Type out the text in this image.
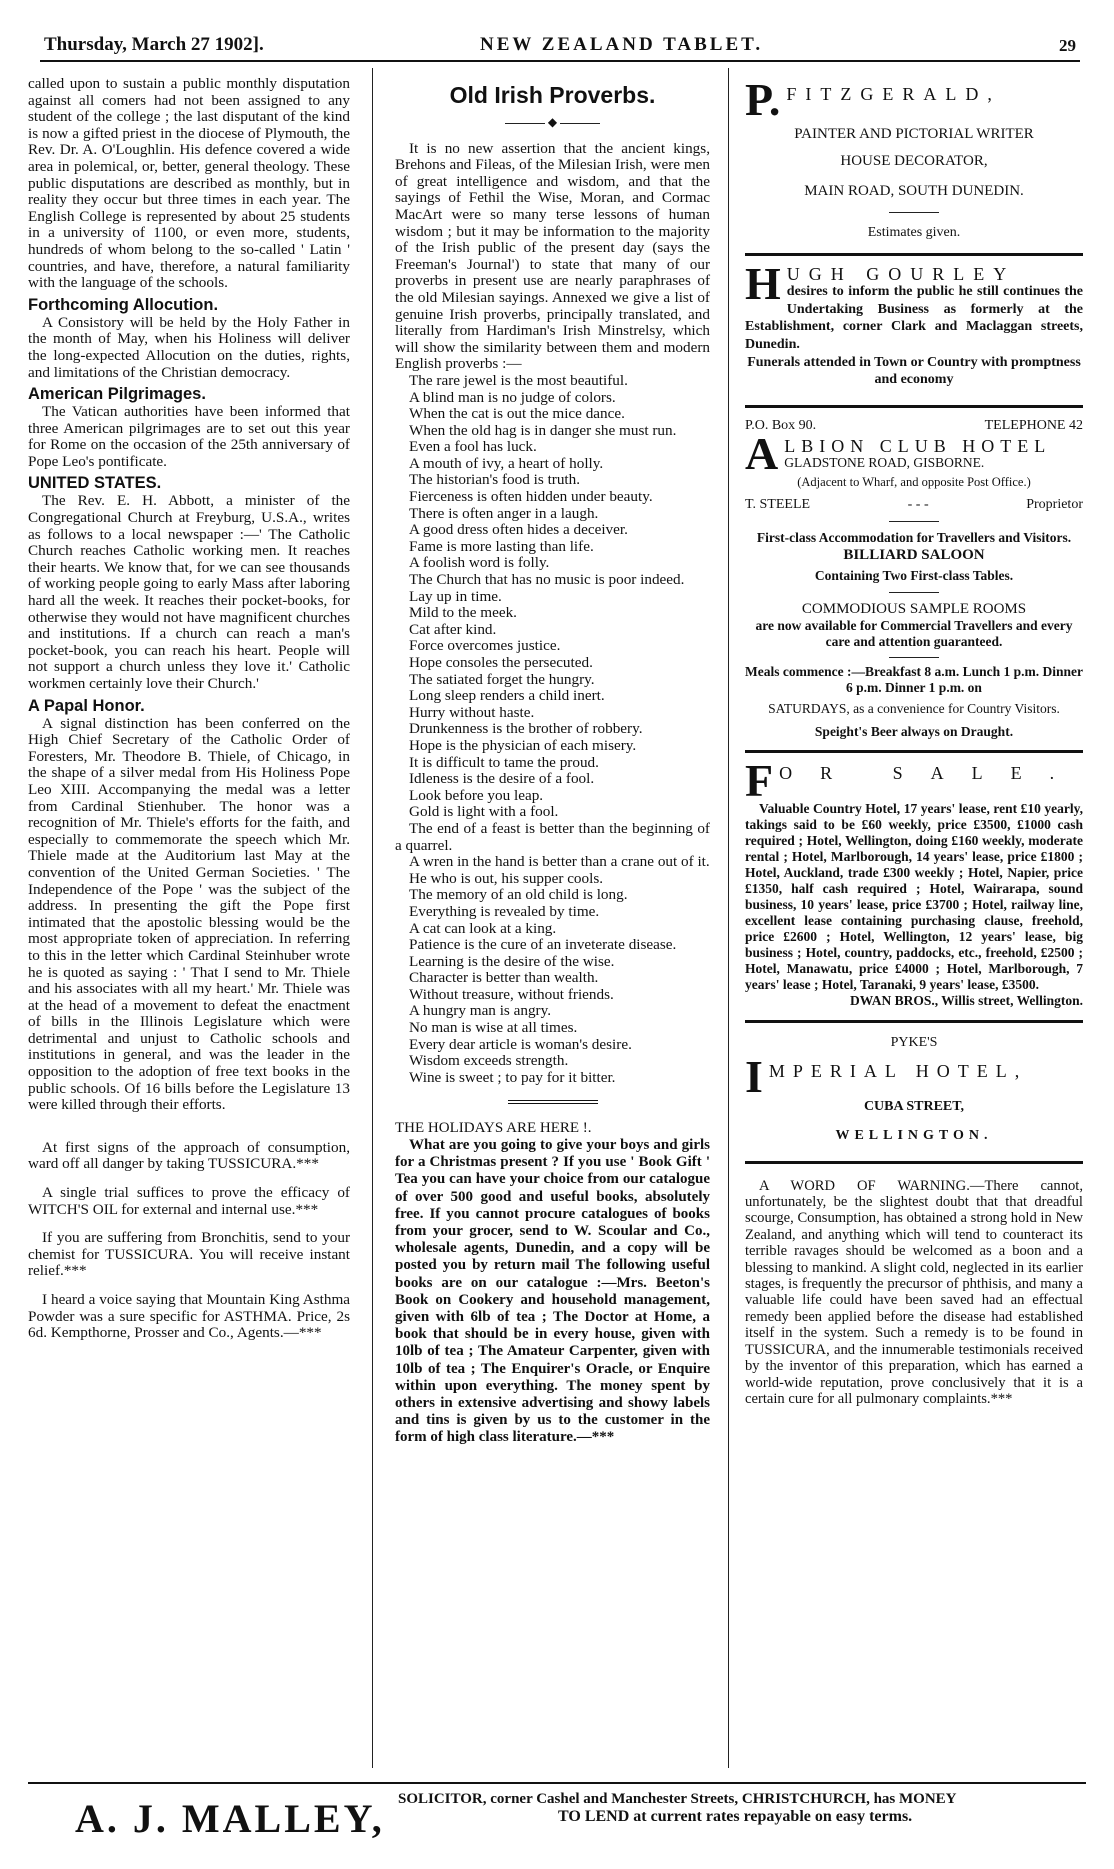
Thursday, March 27 1902].	NEW ZEALAND TABLET.	29

called upon to sustain a public monthly disputation against all comers had not been assigned to any student of the college ; the last disputant of the kind is now a gifted priest in the diocese of Plymouth, the Rev. Dr. A. O'Loughlin. His defence covered a wide area in polemical, or, better, general theology. These public disputations are described as monthly, but in reality they occur but three times in each year. The English College is represented by about 25 students in a university of 1100, or even more, students, hundreds of whom belong to the so-called ' Latin ' countries, and have, therefore, a natural familiarity with the language of the schools.

Forthcoming Allocution.

A Consistory will be held by the Holy Father in the month of May, when his Holiness will deliver the long-expected Allocution on the duties, rights, and limitations of the Christian democracy.

American Pilgrimages.

The Vatican authorities have been informed that three American pilgrimages are to set out this year for Rome on the occasion of the 25th anniversary of Pope Leo's pontificate.

UNITED STATES.

The Rev. E. H. Abbott, a minister of the Congregational Church at Freyburg, U.S.A., writes as follows to a local newspaper :—' The Catholic Church reaches Catholic working men. It reaches their hearts. We know that, for we can see thousands of working people going to early Mass after laboring hard all the week. It reaches their pocket-books, for otherwise they would not have magnificent churches and institutions. If a church can reach a man's pocket-book, you can reach his heart. People will not support a church unless they love it.' Catholic workmen certainly love their Church.'

A Papal Honor.

A signal distinction has been conferred on the High Chief Secretary of the Catholic Order of Foresters, Mr. Theodore B. Thiele, of Chicago, in the shape of a silver medal from His Holiness Pope Leo XIII. Accompanying the medal was a letter from Cardinal Stienhuber. The honor was a recognition of Mr. Thiele's efforts for the faith, and especially to commemorate the speech which Mr. Thiele made at the Auditorium last May at the convention of the United German Societies. ' The Independence of the Pope ' was the subject of the address. In presenting the gift the Pope first intimated that the apostolic blessing would be the most appropriate token of appreciation. In referring to this in the letter which Cardinal Steinhuber wrote he is quoted as saying : ' That I send to Mr. Thiele and his associates with all my heart.' Mr. Thiele was at the head of a movement to defeat the enactment of bills in the Illinois Legislature which were detrimental and unjust to Catholic schools and institutions in general, and was the leader in the opposition to the adoption of free text books in the public schools. Of 16 bills before the Legislature 13 were killed through their efforts.

At first signs of the approach of consumption, ward off all danger by taking TUSSICURA.***

A single trial suffices to prove the efficacy of WITCH'S OIL for external and internal use.***

If you are suffering from Bronchitis, send to your chemist for TUSSICURA. You will receive instant relief.***

I heard a voice saying that Mountain King Asthma Powder was a sure specific for ASTHMA. Price, 2s 6d. Kempthorne, Prosser and Co., Agents.—***

Old Irish Proverbs.
◆

It is no new assertion that the ancient kings, Brehons and Fileas, of the Milesian Irish, were men of great intelligence and wisdom, and that the sayings of Fethil the Wise, Moran, and Cormac MacArt were so many terse lessons of human wisdom ; but it may be information to the majority of the Irish public of the present day (says the Freeman's Journal') to state that many of our proverbs in present use are nearly paraphrases of the old Milesian sayings. Annexed we give a list of genuine Irish proverbs, principally translated, and literally from Hardiman's Irish Minstrelsy, which will show the similarity between them and modern English proverbs :—

The rare jewel is the most beautiful.

A blind man is no judge of colors.

When the cat is out the mice dance.

When the old hag is in danger she must run.

Even a fool has luck.

A mouth of ivy, a heart of holly.

The historian's food is truth.

Fierceness is often hidden under beauty.

There is often anger in a laugh.

A good dress often hides a deceiver.

Fame is more lasting than life.

A foolish word is folly.

The Church that has no music is poor indeed.

Lay up in time.

Mild to the meek.

Cat after kind.

Force overcomes justice.

Hope consoles the persecuted.

The satiated forget the hungry.

Long sleep renders a child inert.

Hurry without haste.

Drunkenness is the brother of robbery.

Hope is the physician of each misery.

It is difficult to tame the proud.

Idleness is the desire of a fool.

Look before you leap.

Gold is light with a fool.

The end of a feast is better than the beginning of a quarrel.

A wren in the hand is better than a crane out of it.

He who is out, his supper cools.

The memory of an old child is long.

Everything is revealed by time.

A cat can look at a king.

Patience is the cure of an inveterate disease.

Learning is the desire of the wise.

Character is better than wealth.

Without treasure, without friends.

A hungry man is angry.

No man is wise at all times.

Every dear article is woman's desire.

Wisdom exceeds strength.

Wine is sweet ; to pay for it bitter.

THE HOLIDAYS ARE HERE !.

What are you going to give your boys and girls for a Christmas present ? If you use ' Book Gift ' Tea you can have your choice from our catalogue of over 500 good and useful books, absolutely free. If you cannot procure catalogues of books from your grocer, send to W. Scoular and Co., wholesale agents, Dunedin, and a copy will be posted you by return mail The following useful books are on our catalogue :—Mrs. Beeton's Book on Cookery and household management, given with 6lb of tea ; The Doctor at Home, a book that should be in every house, given with 10lb of tea ; The Amateur Carpenter, given with 10lb of tea ; The Enquirer's Oracle, or Enquire within upon everything. The money spent by others in extensive advertising and showy labels and tins is given by us to the customer in the form of high class literature.—***

P. FITZGERALD,
PAINTER AND PICTORIAL WRITER
HOUSE DECORATOR,
MAIN ROAD, SOUTH DUNEDIN.
Estimates given.
H UGH GOURLEY
desires to inform the public he still continues the Undertaking Business as formerly at the Establishment, corner Clark and Maclaggan streets, Dunedin.
Funerals attended in Town or Country with promptness and economy
P.O. Box 90.	TELEPHONE 42
A LBION CLUB HOTEL
GLADSTONE ROAD, GISBORNE.
(Adjacent to Wharf, and opposite Post Office.)
T. STEELE	- - -	Proprietor
First-class Accommodation for Travellers and Visitors.
BILLIARD SALOON
Containing Two First-class Tables.
COMMODIOUS SAMPLE ROOMS
are now available for Commercial Travellers and every care and attention guaranteed.
Meals commence :—Breakfast 8 a.m. Lunch 1 p.m. Dinner 6 p.m. Dinner 1 p.m. on
SATURDAYS, as a convenience for Country Visitors.
Speight's Beer always on Draught.
F OR SALE.
Valuable Country Hotel, 17 years' lease, rent £10 yearly, takings said to be £60 weekly, price £3500, £1000 cash required ; Hotel, Wellington, doing £160 weekly, moderate rental ; Hotel, Marlborough, 14 years' lease, price £1800 ; Hotel, Auckland, trade £300 weekly ; Hotel, Napier, price £1350, half cash required ; Hotel, Wairarapa, sound business, 10 years' lease, price £3700 ; Hotel, railway line, excellent lease containing purchasing clause, freehold, price £2600 ; Hotel, Wellington, 12 years' lease, big business ; Hotel, country, paddocks, etc., freehold, £2500 ; Hotel, Manawatu, price £4000 ; Hotel, Marlborough, 7 years' lease ; Hotel, Taranaki, 9 years' lease, £3500.
DWAN BROS., Willis street, Wellington.
PYKE'S
I MPERIAL HOTEL,
CUBA STREET,
WELLINGTON.

A WORD OF WARNING.—There cannot, unfortunately, be the slightest doubt that that dreadful scourge, Consumption, has obtained a strong hold in New Zealand, and anything which will tend to counteract its terrible ravages should be welcomed as a boon and a blessing to mankind. A slight cold, neglected in its earlier stages, is frequently the precursor of phthisis, and many a valuable life could have been saved had an effectual remedy been applied before the disease had established itself in the system. Such a remedy is to be found in TUSSICURA, and the innumerable testimonials received by the inventor of this preparation, which has earned a world-wide reputation, prove conclusively that it is a certain cure for all pulmonary complaints.***

A. J. MALLEY, SOLICITOR, corner Cashel and Manchester Streets, CHRISTCHURCH, has MONEY
TO LEND at current rates repayable on easy terms.
